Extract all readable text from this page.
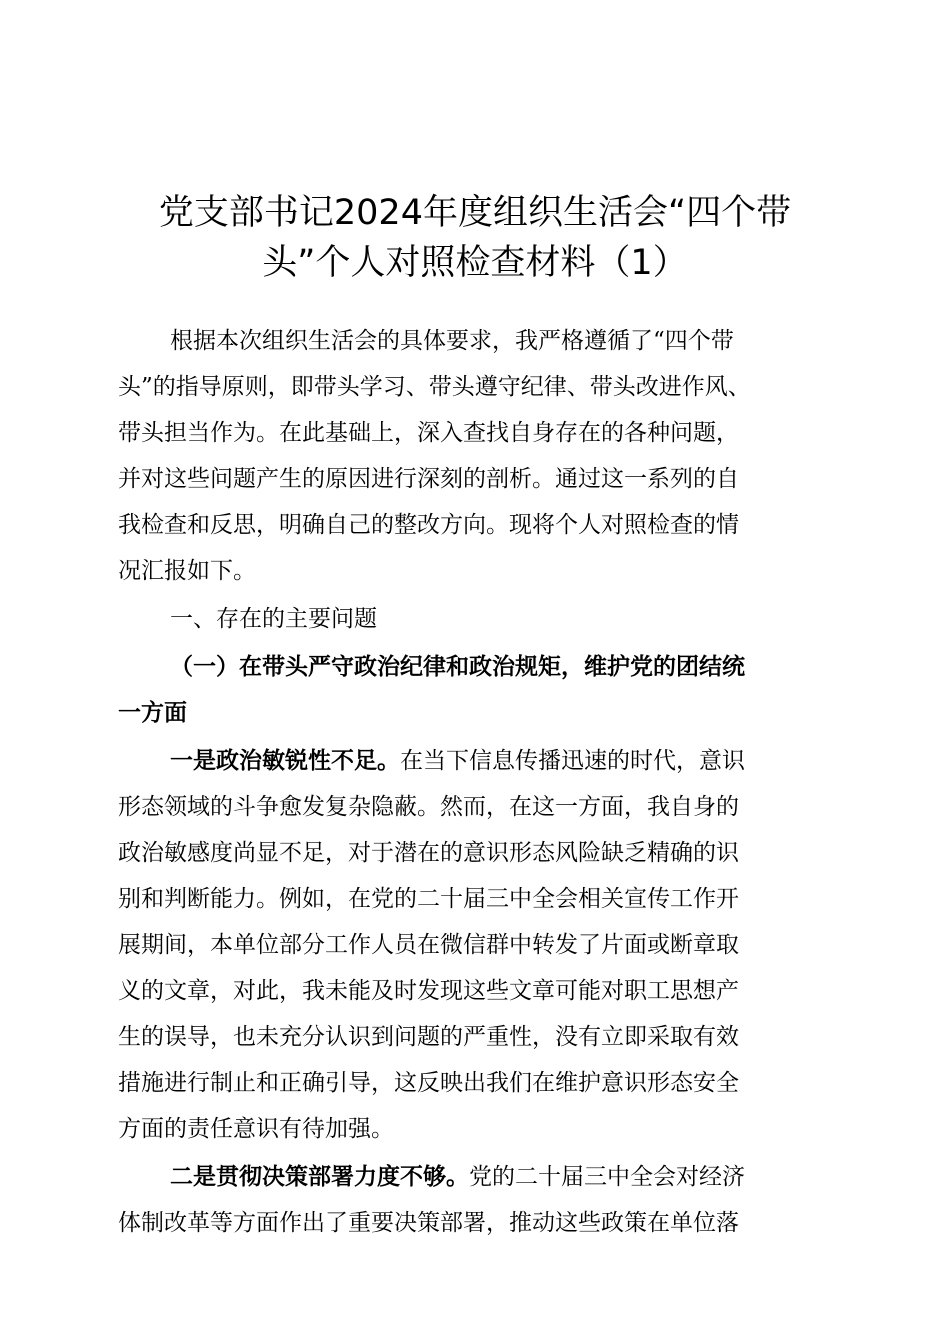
党支部书记2024年度组织生活会“四个带
头”个人对照检查材料（1）
根据本次组织生活会的具体要求，我严格遵循了“四个带
头”的指导原则，即带头学习、带头遵守纪律、带头改进作风、
带头担当作为。在此基础上，深入查找自身存在的各种问题，
并对这些问题产生的原因进行深刻的剖析。通过这一系列的自
我检查和反思，明确自己的整改方向。现将个人对照检查的情
况汇报如下。
一、存在的主要问题
（一）在带头严守政治纪律和政治规矩，维护党的团结统
一方面
一是政治敏锐性不足。在当下信息传播迅速的时代，意识
形态领域的斗争愈发复杂隐蔽。然而，在这一方面，我自身的
政治敏感度尚显不足，对于潜在的意识形态风险缺乏精确的识
别和判断能力。例如，在党的二十届三中全会相关宣传工作开
展期间，本单位部分工作人员在微信群中转发了片面或断章取
义的文章，对此，我未能及时发现这些文章可能对职工思想产
生的误导，也未充分认识到问题的严重性，没有立即采取有效
措施进行制止和正确引导，这反映出我们在维护意识形态安全
方面的责任意识有待加强。
二是贯彻决策部署力度不够。党的二十届三中全会对经济
体制改革等方面作出了重要决策部署，推动这些政策在单位落
